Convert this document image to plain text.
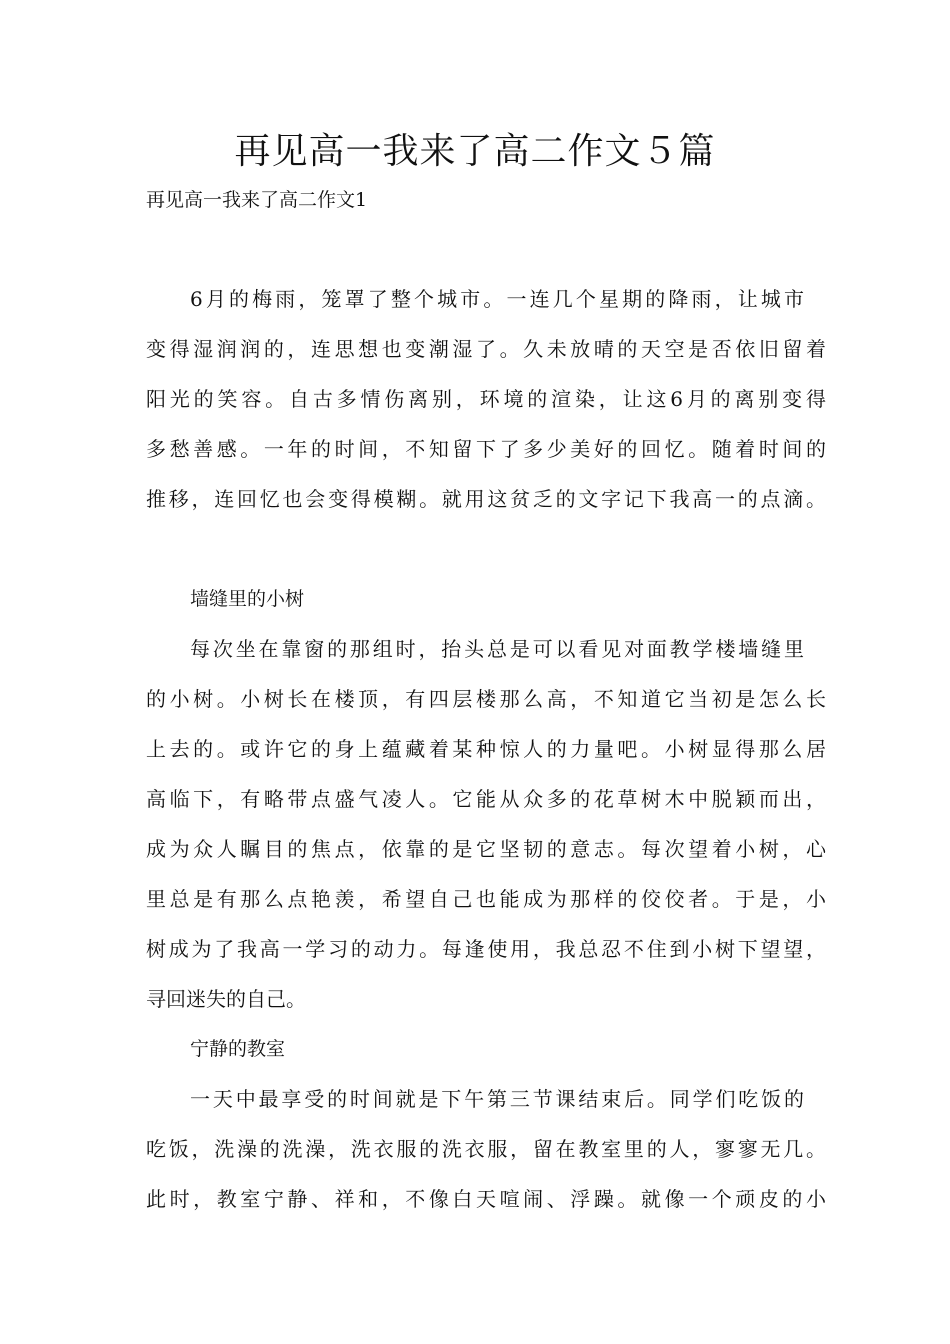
再见高一我来了高二作文５篇

再见高一我来了高二作文1

6月的梅雨，笼罩了整个城市。一连几个星期的降雨，让城市

变得湿润润的，连思想也变潮湿了。久未放晴的天空是否依旧留着

阳光的笑容。自古多情伤离别，环境的渲染，让这6月的离别变得

多愁善感。一年的时间，不知留下了多少美好的回忆。随着时间的

推移，连回忆也会变得模糊。就用这贫乏的文字记下我高一的点滴。

墙缝里的小树

每次坐在靠窗的那组时，抬头总是可以看见对面教学楼墙缝里

的小树。小树长在楼顶，有四层楼那么高，不知道它当初是怎么长

上去的。或许它的身上蕴藏着某种惊人的力量吧。小树显得那么居

高临下，有略带点盛气凌人。它能从众多的花草树木中脱颖而出，

成为众人瞩目的焦点，依靠的是它坚韧的意志。每次望着小树，心

里总是有那么点艳羡，希望自己也能成为那样的佼佼者。于是，小

树成为了我高一学习的动力。每逢使用，我总忍不住到小树下望望，

寻回迷失的自己。

宁静的教室

一天中最享受的时间就是下午第三节课结束后。同学们吃饭的

吃饭，洗澡的洗澡，洗衣服的洗衣服，留在教室里的人，寥寥无几。

此时，教室宁静、祥和，不像白天喧闹、浮躁。就像一个顽皮的小
